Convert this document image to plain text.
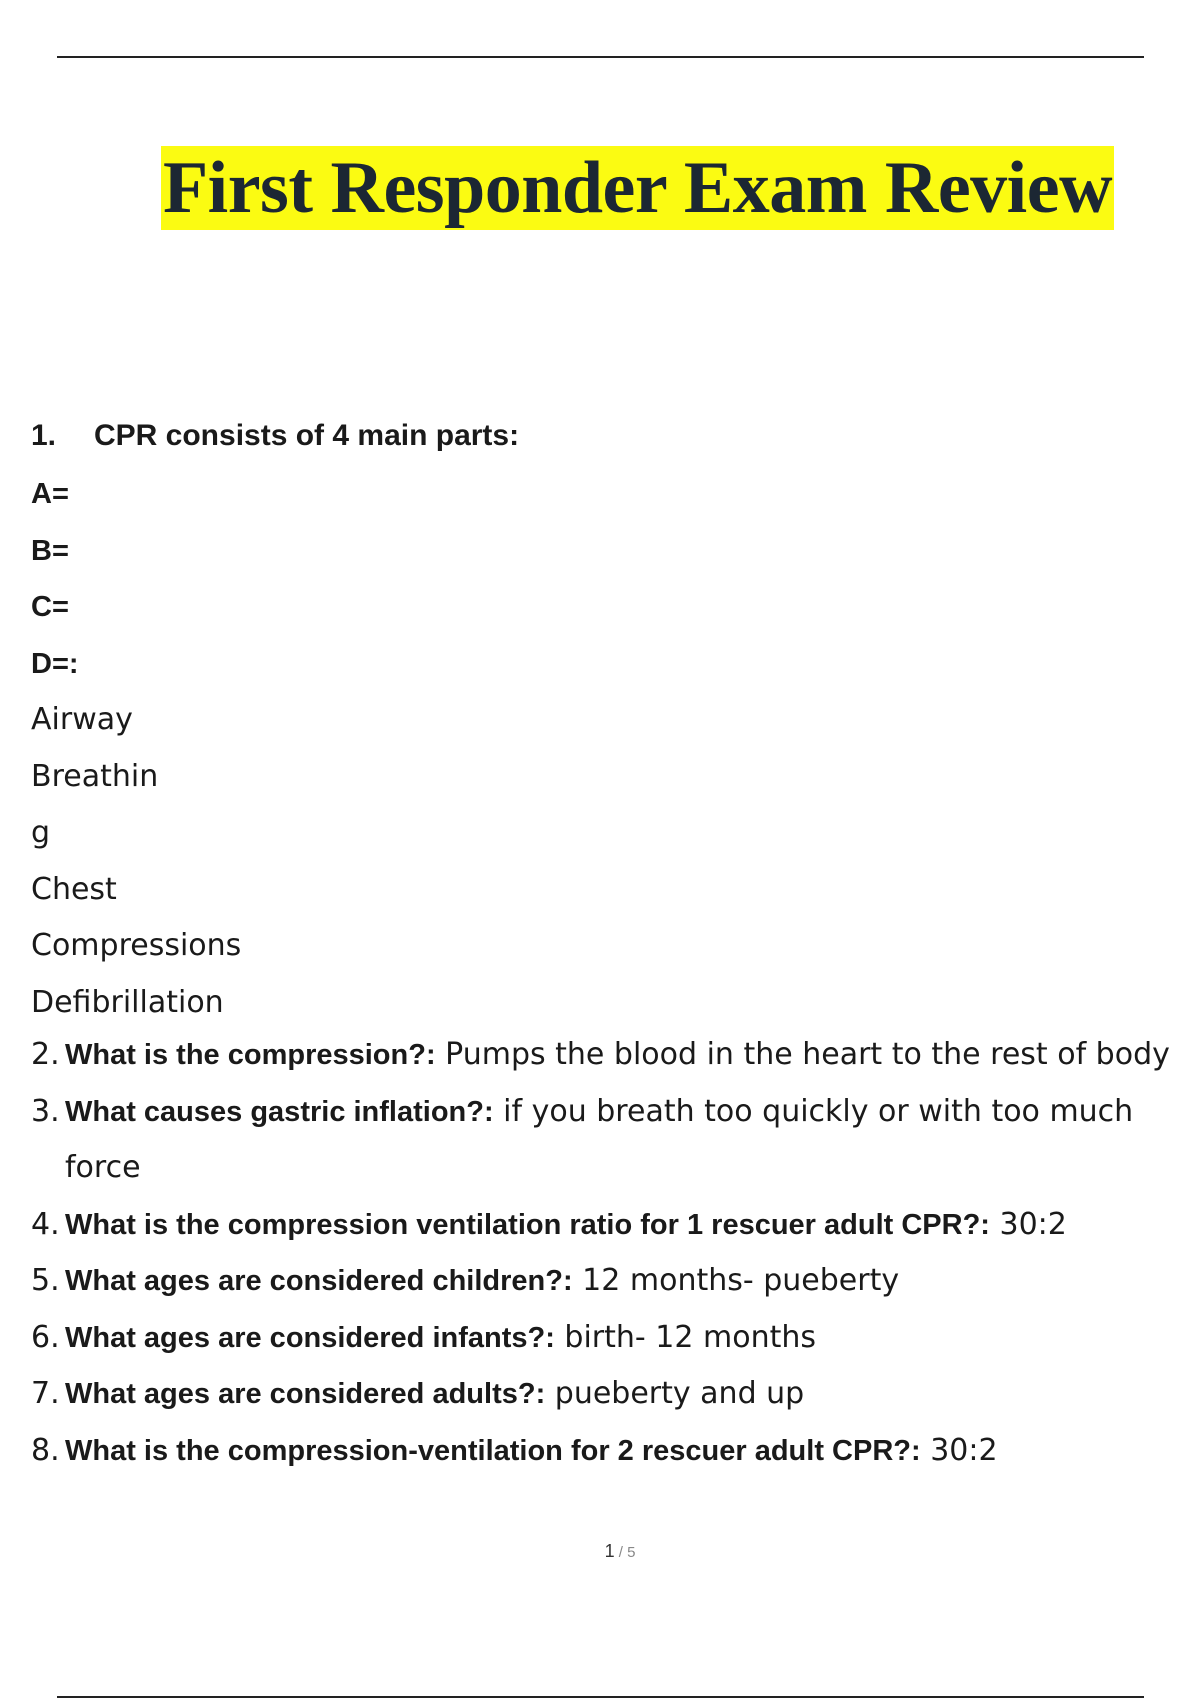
First Responder Exam Review
1. CPR consists of 4 main parts:
A=
B=
C=
D=:
Airway
Breathin
g
Chest
Compressions
Defibrillation
2. What is the compression?: Pumps the blood in the heart to the rest of body
3. What causes gastric inflation?: if you breath too quickly or with too much force
4. What is the compression ventilation ratio for 1 rescuer adult CPR?: 30:2
5. What ages are considered children?: 12 months- pueberty
6. What ages are considered infants?: birth- 12 months
7. What ages are considered adults?: pueberty and up
8. What is the compression-ventilation for 2 rescuer adult CPR?: 30:2
1 / 5
